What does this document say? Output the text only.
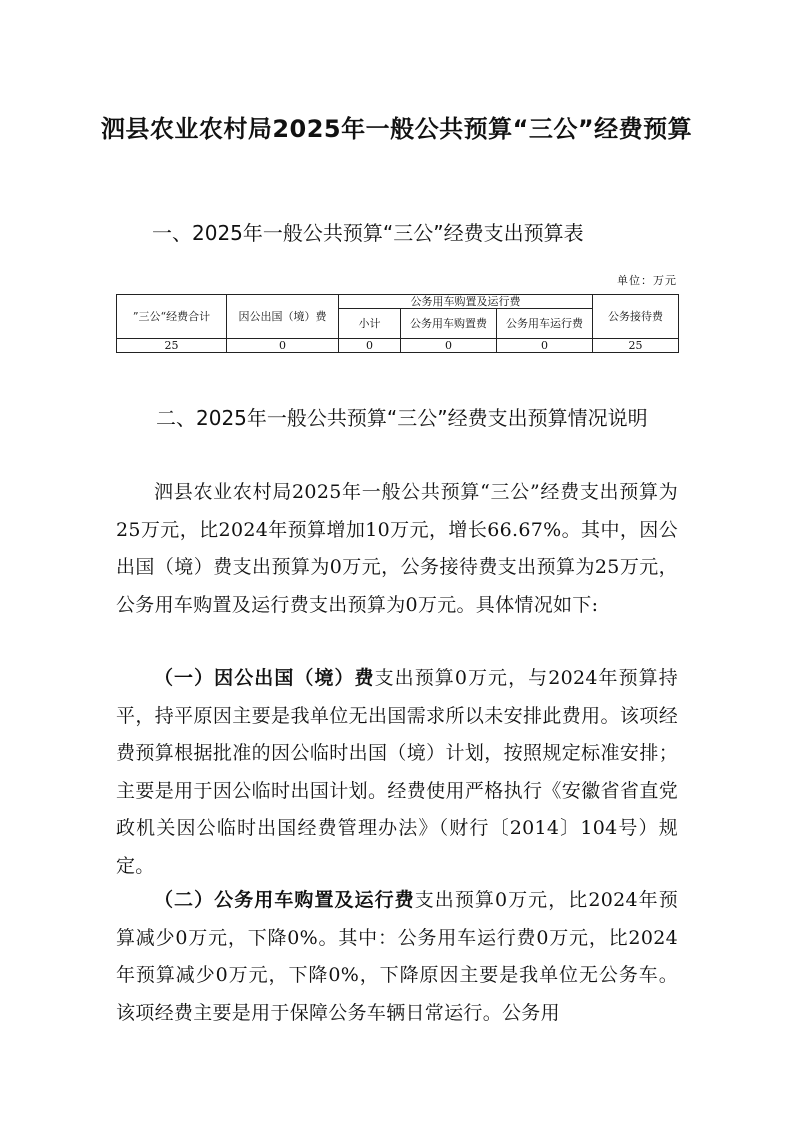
泗县农业农村局2025年一般公共预算“三公”经费预算
一、2025年一般公共预算“三公”经费支出预算表
单位：万元
”三公“经费合计	因公出国（境）费	公务用车购置及运行费			公务接待费
		小计	公务用车购置费	公务用车运行费	
25	0	0	0	0	25
二、2025年一般公共预算“三公”经费支出预算情况说明

泗县农业农村局2025年一般公共预算“三公”经费支出预算为25万元，比2024年预算增加10万元，增长66.67%。其中，因公出国（境）费支出预算为0万元，公务接待费支出预算为25万元，公务用车购置及运行费支出预算为0万元。具体情况如下:

（一）因公出国（境）费支出预算0万元，与2024年预算持平，持平原因主要是我单位无出国需求所以未安排此费用。该项经费预算根据批准的因公临时出国（境）计划，按照规定标准安排；主要是用于因公临时出国计划。经费使用严格执行《安徽省省直党政机关因公临时出国经费管理办法》（财行〔2014〕104号）规定。

（二）公务用车购置及运行费支出预算0万元，比2024年预算减少0万元，下降0%。其中：公务用车运行费0万元，比2024年预算减少0万元，下降0%，下降原因主要是我单位无公务车。该项经费主要是用于保障公务车辆日常运行。公务用
